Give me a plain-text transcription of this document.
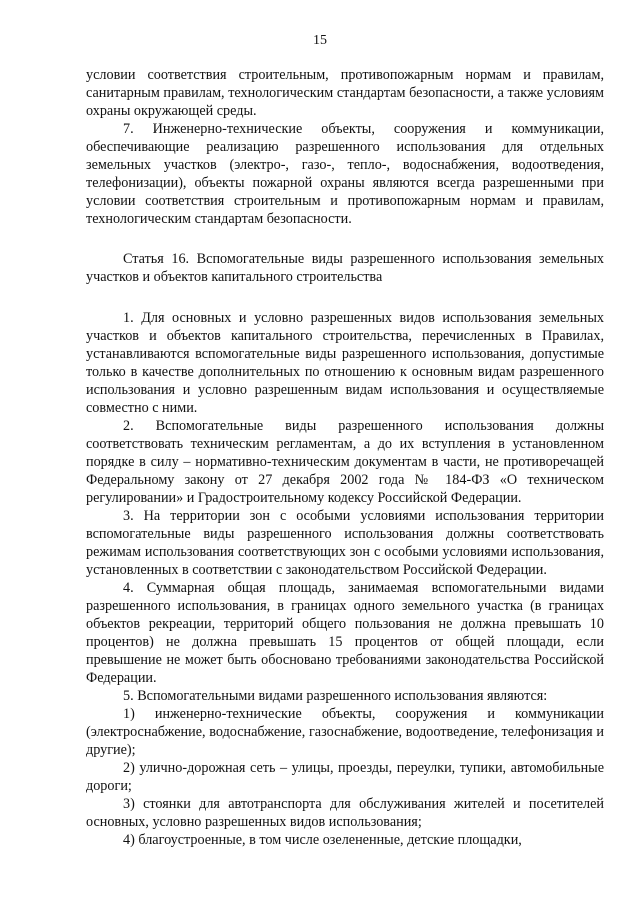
15

условии соответствия строительным, противопожарным нормам и правилам, санитарным правилам, технологическим стандартам безопасности, а также условиям охраны окружающей среды.

7. Инженерно-технические объекты, сооружения и коммуникации, обеспечивающие реализацию разрешенного использования для отдельных земельных участков (электро-, газо-, тепло-, водоснабжения, водоотведения, телефонизации), объекты пожарной охраны являются всегда разрешенными при условии соответствия строительным и противопожарным нормам и правилам, технологическим стандартам безопасности.

Статья 16. Вспомогательные виды разрешенного использования земельных участков и объектов капитального строительства

1. Для основных и условно разрешенных видов использования земельных участков и объектов капитального строительства, перечисленных в Правилах, устанавливаются вспомогательные виды разрешенного использования, допустимые только в качестве дополнительных по отношению к основным видам разрешенного использования и условно разрешенным видам использования и осуществляемые совместно с ними.

2. Вспомогательные виды разрешенного использования должны соответствовать техническим регламентам, а до их вступления в установленном порядке в силу – нормативно-техническим документам в части, не противоречащей Федеральному закону от 27 декабря 2002 года № 184-ФЗ «О техническом регулировании» и Градостроительному кодексу Российской Федерации.

3. На территории зон с особыми условиями использования территории вспомогательные виды разрешенного использования должны соответствовать режимам использования соответствующих зон с особыми условиями использования, установленных в соответствии с законодательством Российской Федерации.

4. Суммарная общая площадь, занимаемая вспомогательными видами разрешенного использования, в границах одного земельного участка (в границах объектов рекреации, территорий общего пользования не должна превышать 10 процентов) не должна превышать 15 процентов от общей площади, если превышение не может быть обосновано требованиями законодательства Российской Федерации.

5. Вспомогательными видами разрешенного использования являются:

1) инженерно-технические объекты, сооружения и коммуникации (электроснабжение, водоснабжение, газоснабжение, водоотведение, телефонизация и другие);

2) улично-дорожная сеть – улицы, проезды, переулки, тупики, автомобильные дороги;

3) стоянки для автотранспорта для обслуживания жителей и посетителей основных, условно разрешенных видов использования;

4) благоустроенные, в том числе озелененные, детские площадки,
